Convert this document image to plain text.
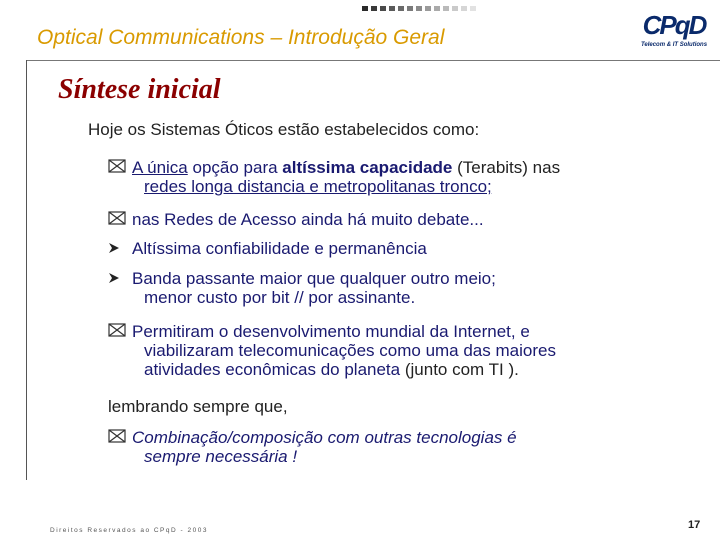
Optical Communications – Introdução Geral	CPqD
Telecom & IT Solutions
Síntese inicial
Hoje os Sistemas Óticos estão estabelecidos como:
A única opção para altíssima capacidade (Terabits) nas
redes longa distancia e metropolitanas tronco;
nas Redes de Acesso ainda há muito debate...
Altíssima confiabilidade e permanência
Banda passante maior que qualquer outro meio;
menor custo por bit // por assinante.
Permitiram o desenvolvimento mundial da Internet, e
viabilizaram telecomunicações como uma das maiores
atividades econômicas do planeta (junto com TI ).
lembrando sempre que,
Combinação/composição com outras tecnologias é
sempre necessária !
Direitos Reservados ao CPqD - 2003	17
